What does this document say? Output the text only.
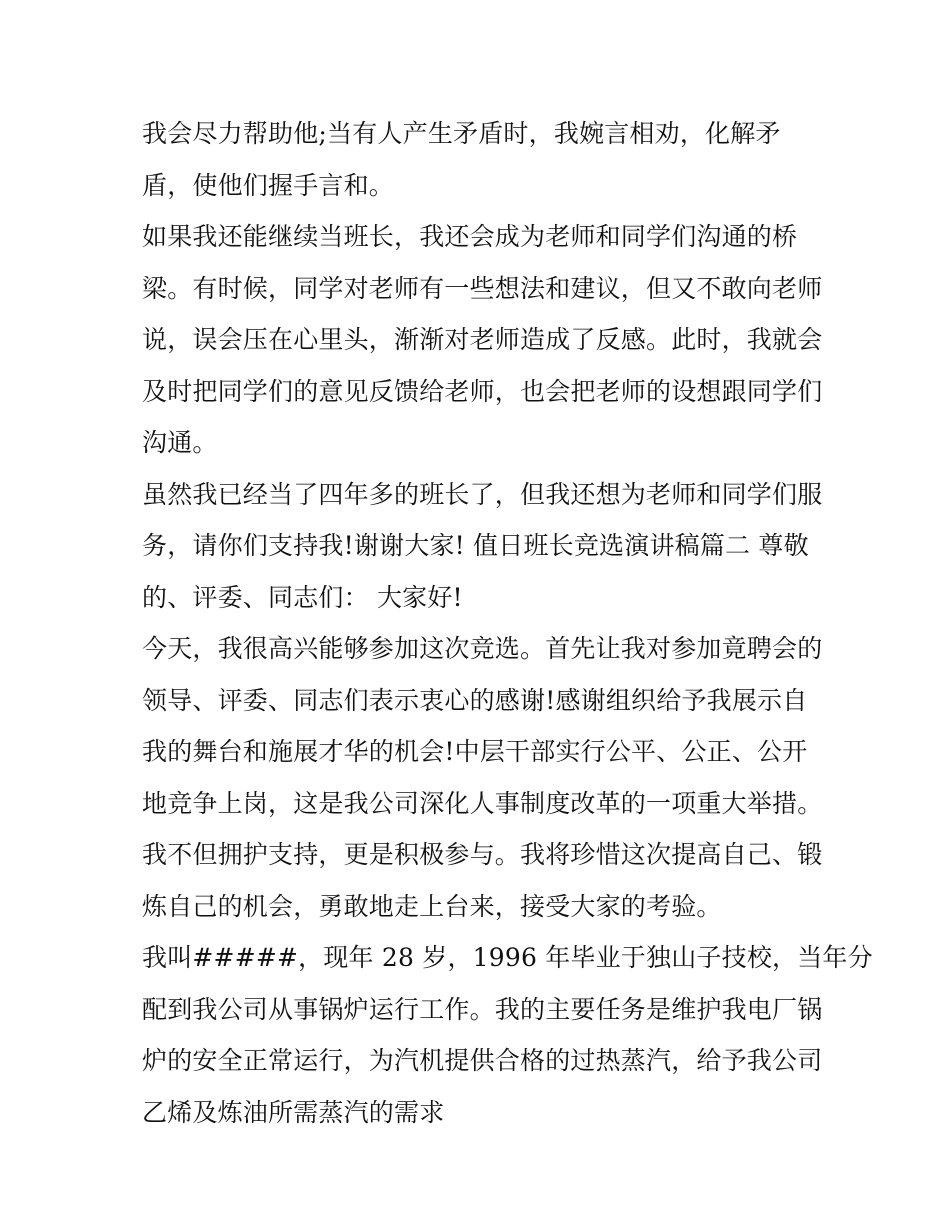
我会尽力帮助他;当有人产生矛盾时，我婉言相劝，化解矛
盾，使他们握手言和。
如果我还能继续当班长，我还会成为老师和同学们沟通的桥
梁。有时候，同学对老师有一些想法和建议，但又不敢向老师
说，误会压在心里头，渐渐对老师造成了反感。此时，我就会
及时把同学们的意见反馈给老师，也会把老师的设想跟同学们
沟通。
虽然我已经当了四年多的班长了，但我还想为老师和同学们服
务，请你们支持我!谢谢大家! 值日班长竞选演讲稿篇二 尊敬
的、评委、同志们： 大家好!
今天，我很高兴能够参加这次竞选。首先让我对参加竟聘会的
领导、评委、同志们表示衷心的感谢!感谢组织给予我展示自
我的舞台和施展才华的机会!中层干部实行公平、公正、公开
地竞争上岗，这是我公司深化人事制度改革的一项重大举措。
我不但拥护支持，更是积极参与。我将珍惜这次提高自己、锻
炼自己的机会，勇敢地走上台来，接受大家的考验。
我叫#####，现年 28 岁，1996 年毕业于独山子技校，当年分
配到我公司从事锅炉运行工作。我的主要任务是维护我电厂锅
炉的安全正常运行，为汽机提供合格的过热蒸汽，给予我公司
乙烯及炼油所需蒸汽的需求
